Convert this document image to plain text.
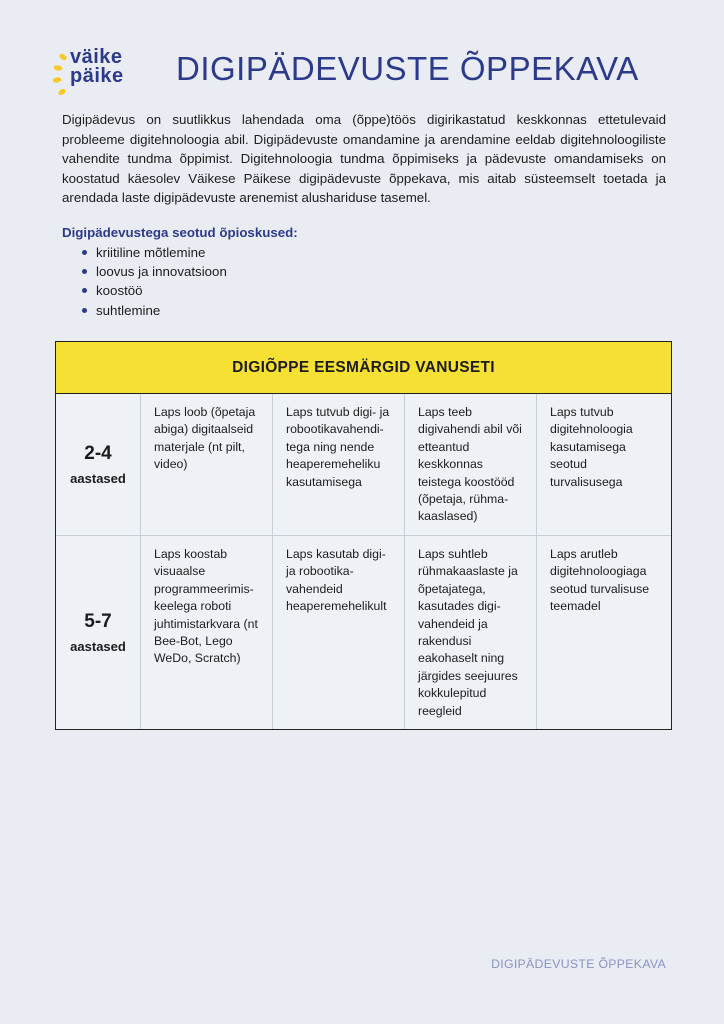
väike
päike DIGIPÄDEVUSTE ÕPPEKAVA

Digipädevus on suutlikkus lahendada oma (õppe)töös digirikastatud keskkonnas ettetulevaid probleeme digitehnoloogia abil. Digipädevuste omandamine ja arendamine eeldab digitehnoloogiliste vahendite tundma õppimist. Digitehnoloogia tundma õppimiseks ja pädevuste omandamiseks on koostatud käesolev Väikese Päikese digipädevuste õppekava, mis aitab süsteemselt toetada ja arendada laste digipädevuste arenemist alushariduse tasemel.

Digipädevustega seotud õpioskused:
kriitiline mõtlemine
loovus ja innovatsioon
koostöö
suhtlemine
DIGIÕPPE EESMÄRGID VANUSETI
2-4
aastased
Laps loob (õpetaja abiga) digitaalseid materjale (nt pilt, video)
Laps tutvub digi- ja robootikavahendi-tega ning nende heaperemeheliku kasutamisega
Laps teeb digivahendi abil või etteantud keskkonnas teistega koostööd (õpetaja, rühma-kaaslased)
Laps tutvub digitehnoloogia kasutamisega seotud turvalisusega
5-7
aastased
Laps koostab visuaalse programmeerimis-keelega roboti juhtimistarkvara (nt Bee-Bot, Lego WeDo, Scratch)
Laps kasutab digi-ja robootika-vahendeid heaperemehelikult
Laps suhtleb rühmakaaslaste ja õpetajatega, kasutades digi-vahendeid ja rakendusi eakohaselt ning järgides seejuures kokkulepitud reegleid
Laps arutleb digitehnoloogiaga seotud turvalisuse teemadel
DIGIPÄDEVUSTE ÕPPEKAVA
